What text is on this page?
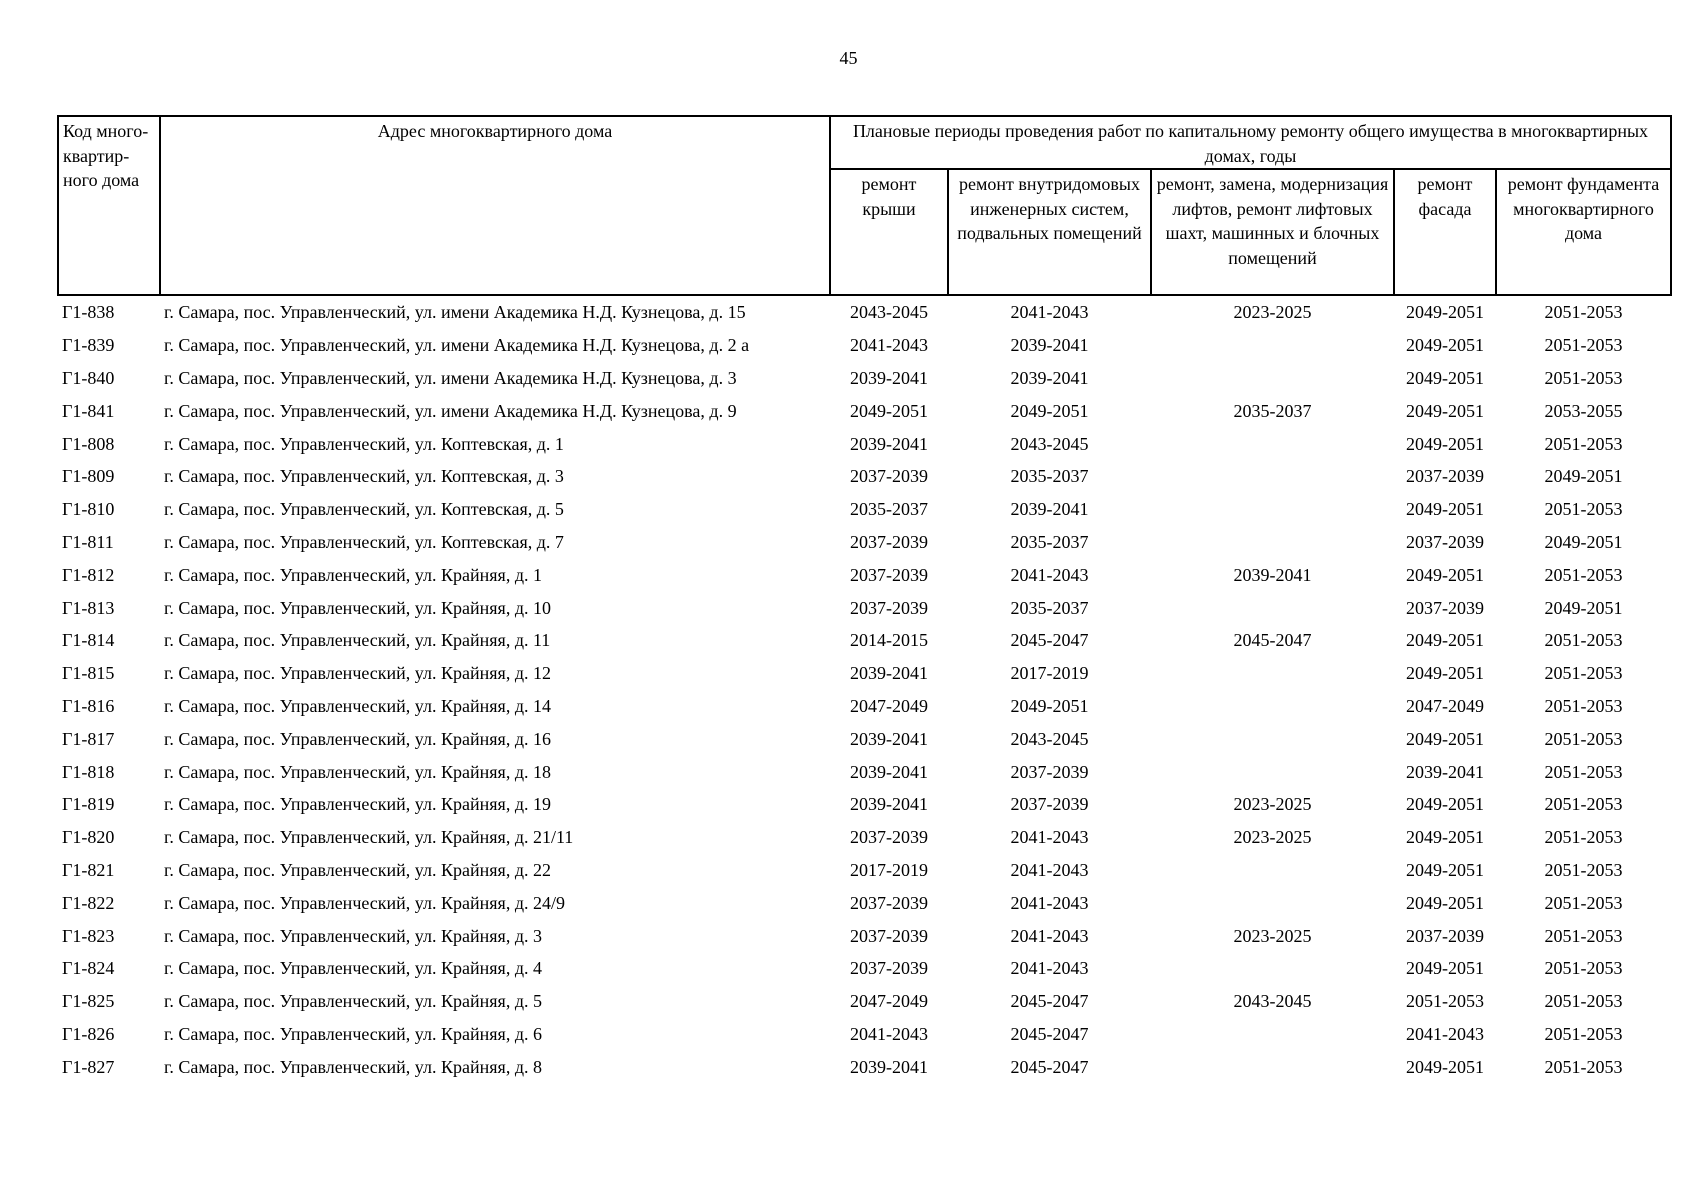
45
Код много-квартир-ного дома	Адрес многоквартирного дома	Плановые периоды проведения работ по капитальному ремонту общего имущества в многоквартирных домах, годы				
		ремонт крыши	ремонт внутридомовых инженерных систем, подвальных помещений	ремонт, замена, модернизация лифтов, ремонт лифтовых шахт, машинных и блочных помещений	ремонт фасада	ремонт фундамента многоквартирного дома
Г1-838	г. Самара, пос. Управленческий, ул. имени Академика Н.Д. Кузнецова, д. 15	2043-2045	2041-2043	2023-2025	2049-2051	2051-2053
Г1-839	г. Самара, пос. Управленческий, ул. имени Академика Н.Д. Кузнецова, д. 2 а	2041-2043	2039-2041		2049-2051	2051-2053
Г1-840	г. Самара, пос. Управленческий, ул. имени Академика Н.Д. Кузнецова, д. 3	2039-2041	2039-2041		2049-2051	2051-2053
Г1-841	г. Самара, пос. Управленческий, ул. имени Академика Н.Д. Кузнецова, д. 9	2049-2051	2049-2051	2035-2037	2049-2051	2053-2055
Г1-808	г. Самара, пос. Управленческий, ул. Коптевская, д. 1	2039-2041	2043-2045		2049-2051	2051-2053
Г1-809	г. Самара, пос. Управленческий, ул. Коптевская, д. 3	2037-2039	2035-2037		2037-2039	2049-2051
Г1-810	г. Самара, пос. Управленческий, ул. Коптевская, д. 5	2035-2037	2039-2041		2049-2051	2051-2053
Г1-811	г. Самара, пос. Управленческий, ул. Коптевская, д. 7	2037-2039	2035-2037		2037-2039	2049-2051
Г1-812	г. Самара, пос. Управленческий, ул. Крайняя, д. 1	2037-2039	2041-2043	2039-2041	2049-2051	2051-2053
Г1-813	г. Самара, пос. Управленческий, ул. Крайняя, д. 10	2037-2039	2035-2037		2037-2039	2049-2051
Г1-814	г. Самара, пос. Управленческий, ул. Крайняя, д. 11	2014-2015	2045-2047	2045-2047	2049-2051	2051-2053
Г1-815	г. Самара, пос. Управленческий, ул. Крайняя, д. 12	2039-2041	2017-2019		2049-2051	2051-2053
Г1-816	г. Самара, пос. Управленческий, ул. Крайняя, д. 14	2047-2049	2049-2051		2047-2049	2051-2053
Г1-817	г. Самара, пос. Управленческий, ул. Крайняя, д. 16	2039-2041	2043-2045		2049-2051	2051-2053
Г1-818	г. Самара, пос. Управленческий, ул. Крайняя, д. 18	2039-2041	2037-2039		2039-2041	2051-2053
Г1-819	г. Самара, пос. Управленческий, ул. Крайняя, д. 19	2039-2041	2037-2039	2023-2025	2049-2051	2051-2053
Г1-820	г. Самара, пос. Управленческий, ул. Крайняя, д. 21/11	2037-2039	2041-2043	2023-2025	2049-2051	2051-2053
Г1-821	г. Самара, пос. Управленческий, ул. Крайняя, д. 22	2017-2019	2041-2043		2049-2051	2051-2053
Г1-822	г. Самара, пос. Управленческий, ул. Крайняя, д. 24/9	2037-2039	2041-2043		2049-2051	2051-2053
Г1-823	г. Самара, пос. Управленческий, ул. Крайняя, д. 3	2037-2039	2041-2043	2023-2025	2037-2039	2051-2053
Г1-824	г. Самара, пос. Управленческий, ул. Крайняя, д. 4	2037-2039	2041-2043		2049-2051	2051-2053
Г1-825	г. Самара, пос. Управленческий, ул. Крайняя, д. 5	2047-2049	2045-2047	2043-2045	2051-2053	2051-2053
Г1-826	г. Самара, пос. Управленческий, ул. Крайняя, д. 6	2041-2043	2045-2047		2041-2043	2051-2053
Г1-827	г. Самара, пос. Управленческий, ул. Крайняя, д. 8	2039-2041	2045-2047		2049-2051	2051-2053
